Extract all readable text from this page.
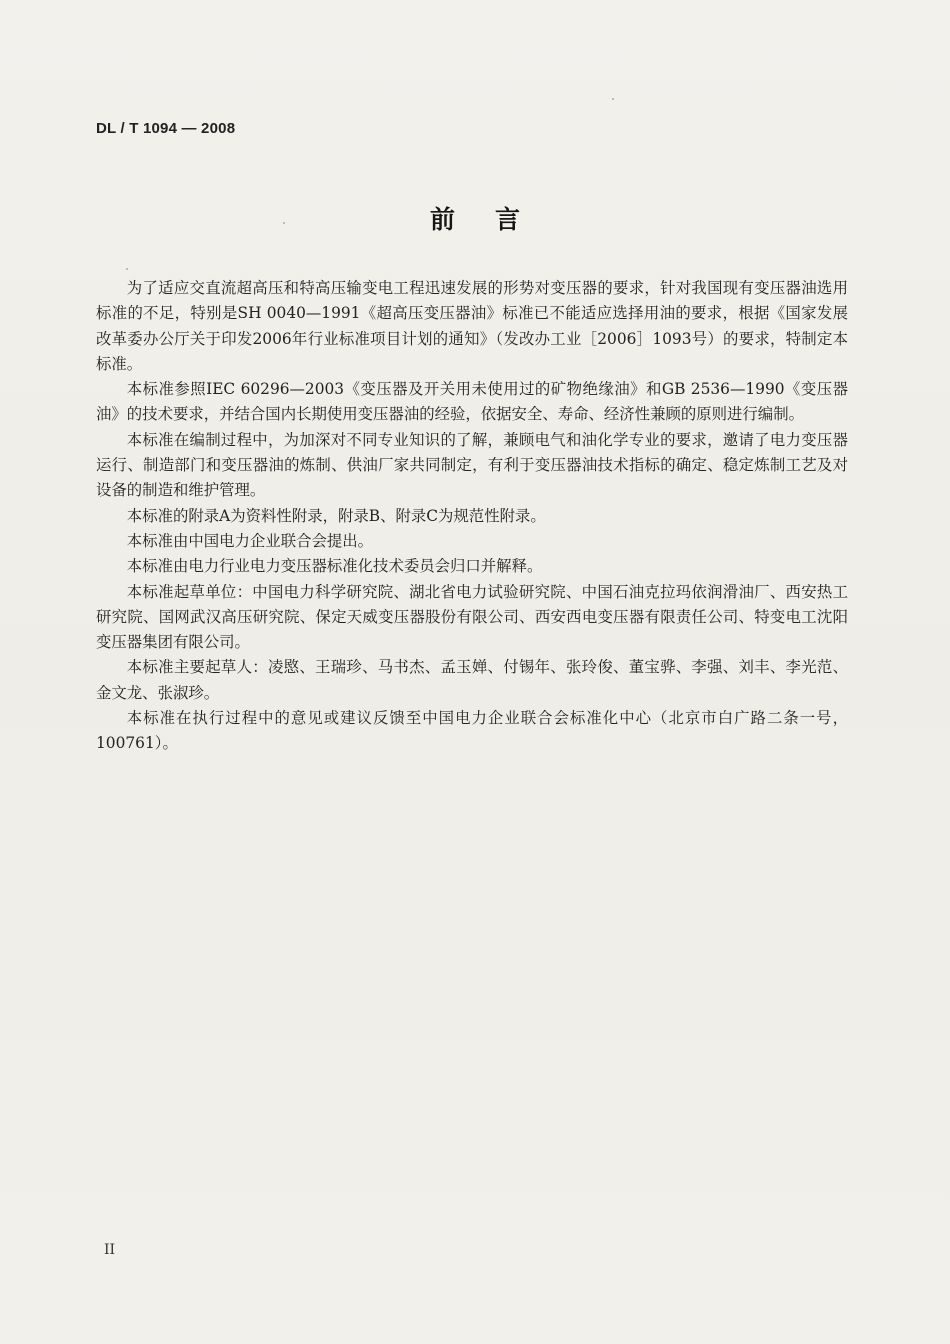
DL / T 1094 — 2008
前言

为了适应交直流超高压和特高压输变电工程迅速发展的形势对变压器的要求，针对我国现有变压器油选用标准的不足，特别是SH 0040—1991《超高压变压器油》标准已不能适应选择用油的要求，根据《国家发展改革委办公厅关于印发2006年行业标准项目计划的通知》（发改办工业［2006］1093号）的要求，特制定本标准。

本标准参照IEC 60296—2003《变压器及开关用未使用过的矿物绝缘油》和GB 2536—1990《变压器油》的技术要求，并结合国内长期使用变压器油的经验，依据安全、寿命、经济性兼顾的原则进行编制。

本标准在编制过程中，为加深对不同专业知识的了解，兼顾电气和油化学专业的要求，邀请了电力变压器运行、制造部门和变压器油的炼制、供油厂家共同制定，有利于变压器油技术指标的确定、稳定炼制工艺及对设备的制造和维护管理。

本标准的附录A为资料性附录，附录B、附录C为规范性附录。

本标准由中国电力企业联合会提出。

本标准由电力行业电力变压器标准化技术委员会归口并解释。

本标准起草单位：中国电力科学研究院、湖北省电力试验研究院、中国石油克拉玛依润滑油厂、西安热工研究院、国网武汉高压研究院、保定天威变压器股份有限公司、西安西电变压器有限责任公司、特变电工沈阳变压器集团有限公司。

本标准主要起草人：凌愍、王瑞珍、马书杰、孟玉婵、付锡年、张玲俊、董宝骅、李强、刘丰、李光范、金文龙、张淑珍。

本标准在执行过程中的意见或建议反馈至中国电力企业联合会标准化中心（北京市白广路二条一号，100761）。

II
